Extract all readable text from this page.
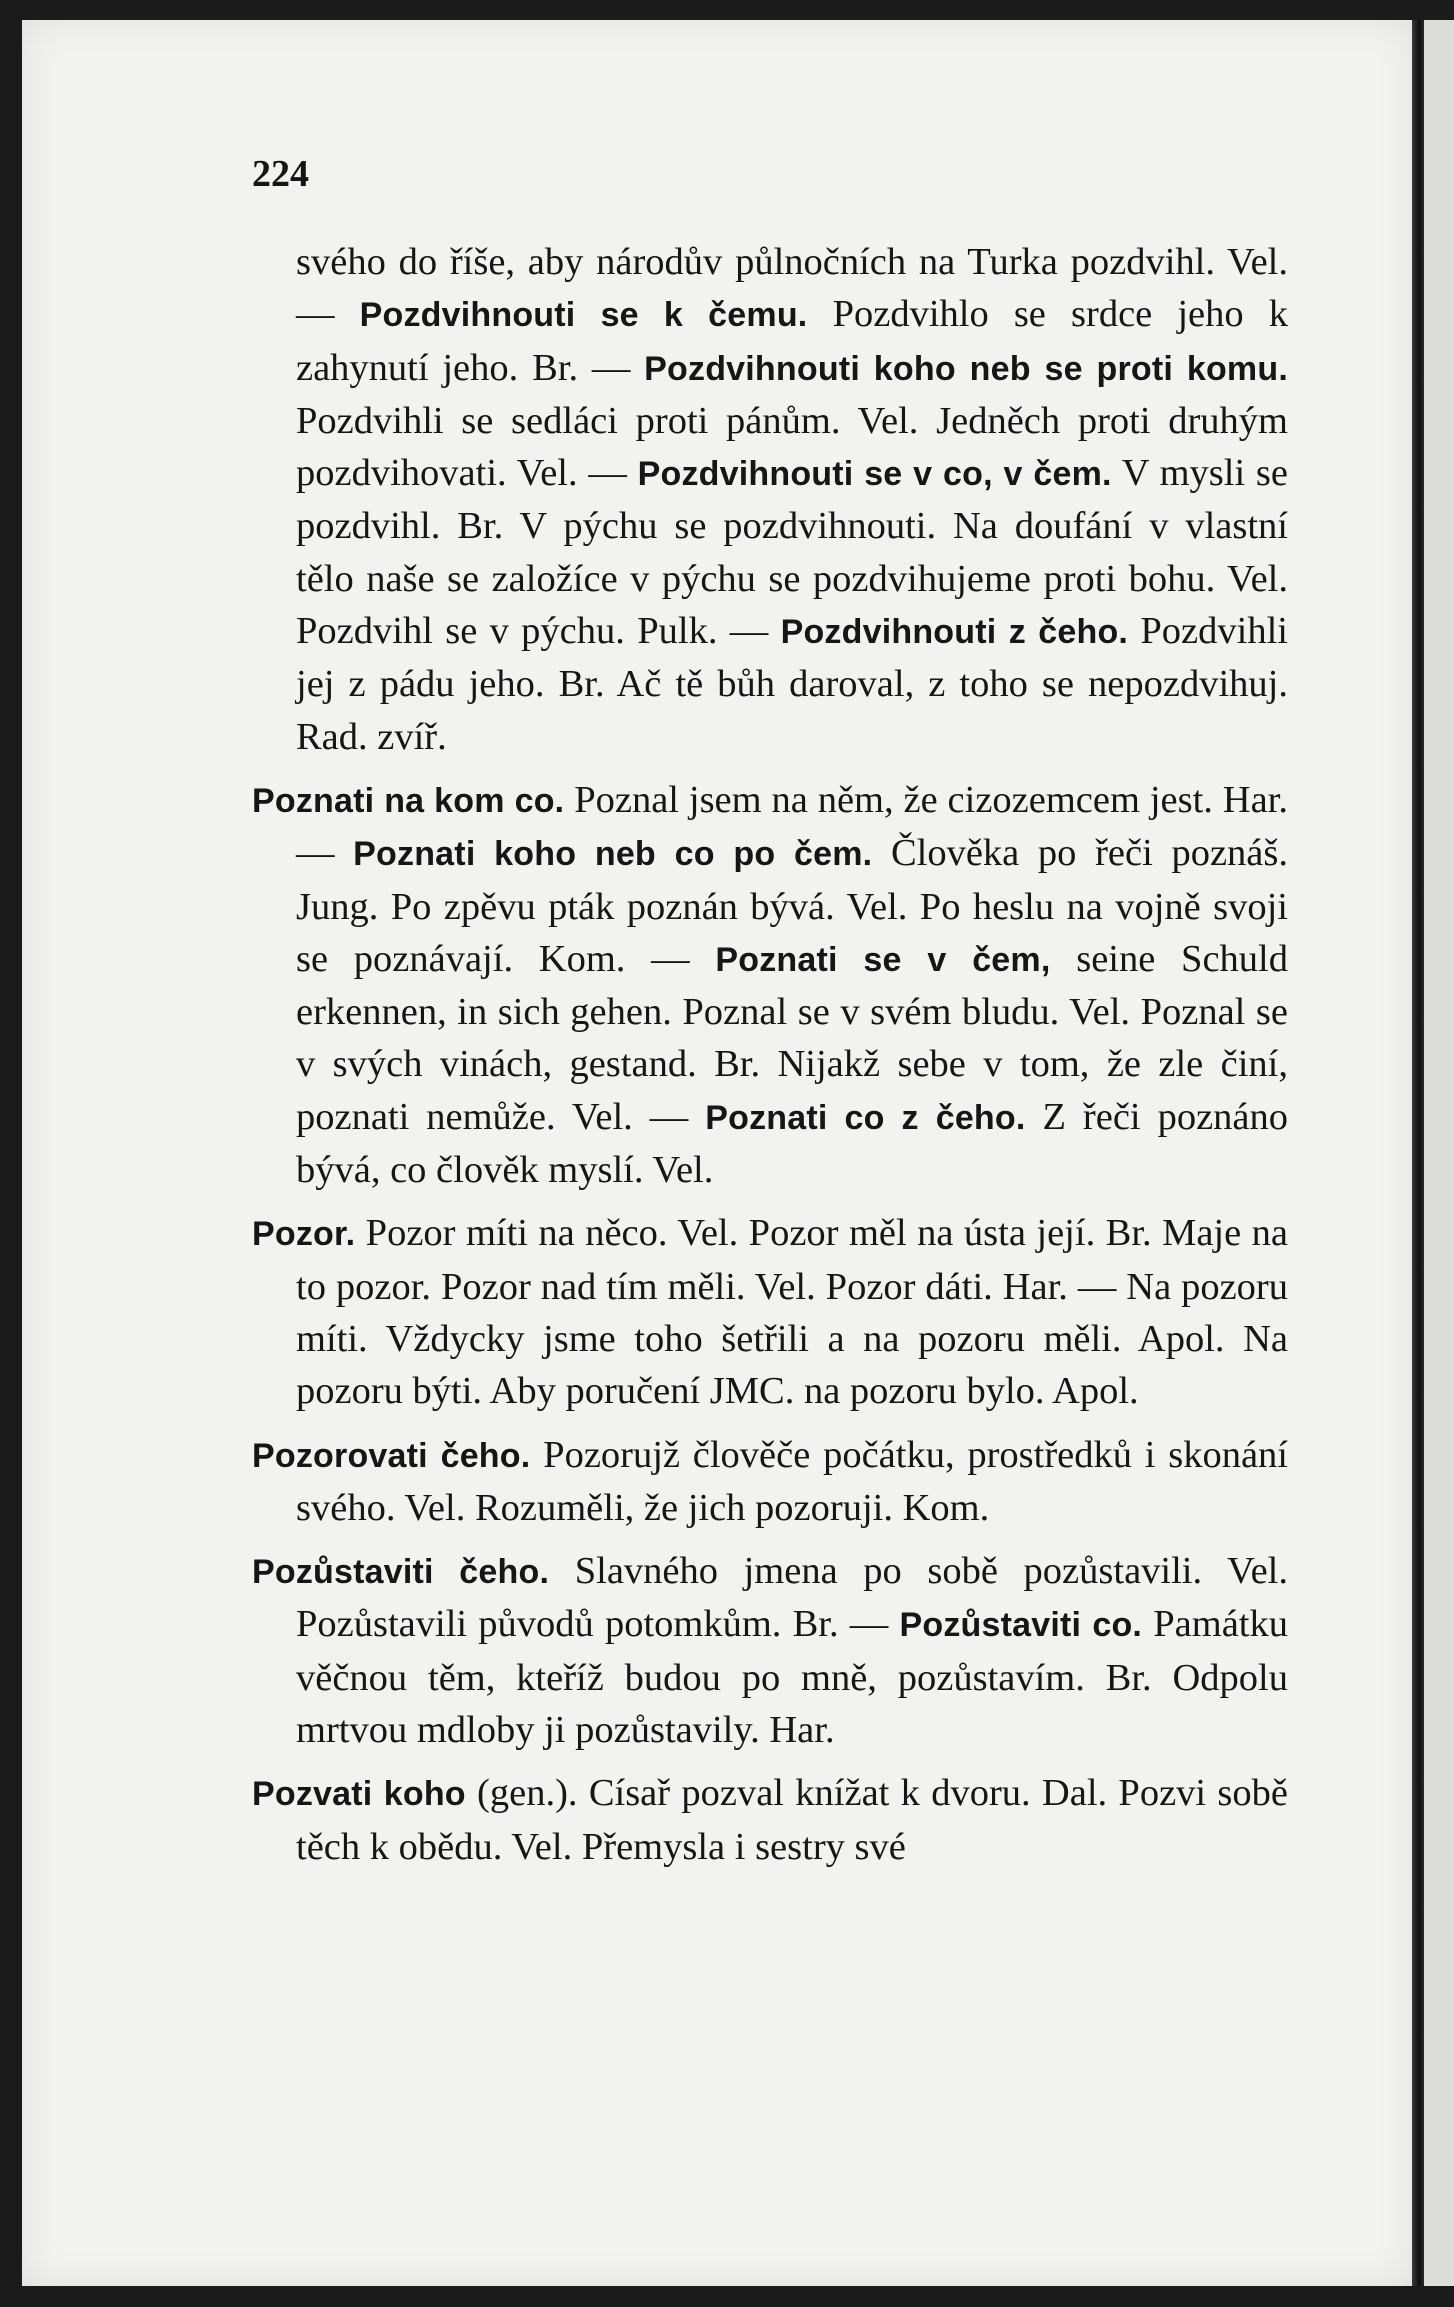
224

svého do říše, aby národův půlnočních na Turka pozdvihl. Vel. — Pozdvihnouti se k čemu. Pozdvihlo se srdce jeho k zahynutí jeho. Br. — Pozdvihnouti koho neb se proti komu. Pozdvihli se sedláci proti pánům. Vel. Jedněch proti druhým pozdvihovati. Vel. — Pozdvihnouti se v co, v čem. V mysli se pozdvihl. Br. V pýchu se pozdvihnouti. Na doufání v vlastní tělo naše se založíce v pýchu se pozdvihujeme proti bohu. Vel. Pozdvihl se v pýchu. Pulk. — Pozdvihnouti z čeho. Pozdvihli jej z pádu jeho. Br. Ač tě bůh daroval, z toho se nepozdvihuj. Rad. zvíř.

Poznati na kom co. Poznal jsem na něm, že cizozemcem jest. Har. — Poznati koho neb co po čem. Člověka po řeči poznáš. Jung. Po zpěvu pták poznán bývá. Vel. Po heslu na vojně svoji se poznávají. Kom. — Poznati se v čem, seine Schuld erkennen, in sich gehen. Poznal se v svém bludu. Vel. Poznal se v svých vinách, gestand. Br. Nijakž sebe v tom, že zle činí, poznati nemůže. Vel. — Poznati co z čeho. Z řeči poznáno bývá, co člověk myslí. Vel.

Pozor. Pozor míti na něco. Vel. Pozor měl na ústa její. Br. Maje na to pozor. Pozor nad tím měli. Vel. Pozor dáti. Har. — Na pozoru míti. Vždycky jsme toho šetřili a na pozoru měli. Apol. Na pozoru býti. Aby poručení JMC. na pozoru bylo. Apol.

Pozorovati čeho. Pozorujž člověče počátku, prostředků i skonání svého. Vel. Rozuměli, že jich pozoruji. Kom.

Pozůstaviti čeho. Slavného jmena po sobě pozůstavili. Vel. Pozůstavili původů potomkům. Br. — Pozůstaviti co. Památku věčnou těm, kteříž budou po mně, pozůstavím. Br. Odpolu mrtvou mdloby ji pozůstavily. Har.

Pozvati koho (gen.). Císař pozval knížat k dvoru. Dal. Pozvi sobě těch k obědu. Vel. Přemysla i sestry své
